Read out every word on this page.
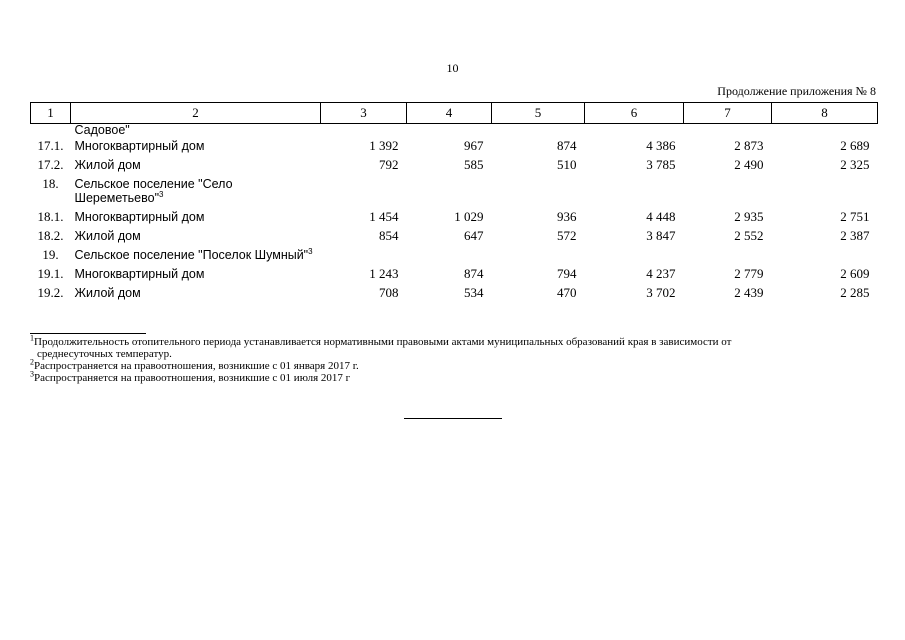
10
Продолжение приложения № 8
1	2	3	4	5	6	7	8
	Садовое"						
17.1.	Многоквартирный дом	1 392	967	874	4 386	2 873	2 689
17.2.	Жилой дом	792	585	510	3 785	2 490	2 325
18.	Сельское поселение "Село Шереметьево"$^3$						
18.1.	Многоквартирный дом	1 454	1 029	936	4 448	2 935	2 751
18.2.	Жилой дом	854	647	572	3 847	2 552	2 387
19.	Сельское поселение "Поселок Шумный"$^3$						
19.1.	Многоквартирный дом	1 243	874	794	4 237	2 779	2 609
19.2.	Жилой дом	708	534	470	3 702	2 439	2 285
$^1$Продолжительность отопительного периода устанавливается нормативными правовыми актами муниципальных образований края в зависимости от
среднесуточных температур.
$^2$Распространяется на правоотношения, возникшие с 01 января 2017 г.
$^3$Распространяется на правоотношения, возникшие с 01 июля 2017 г
